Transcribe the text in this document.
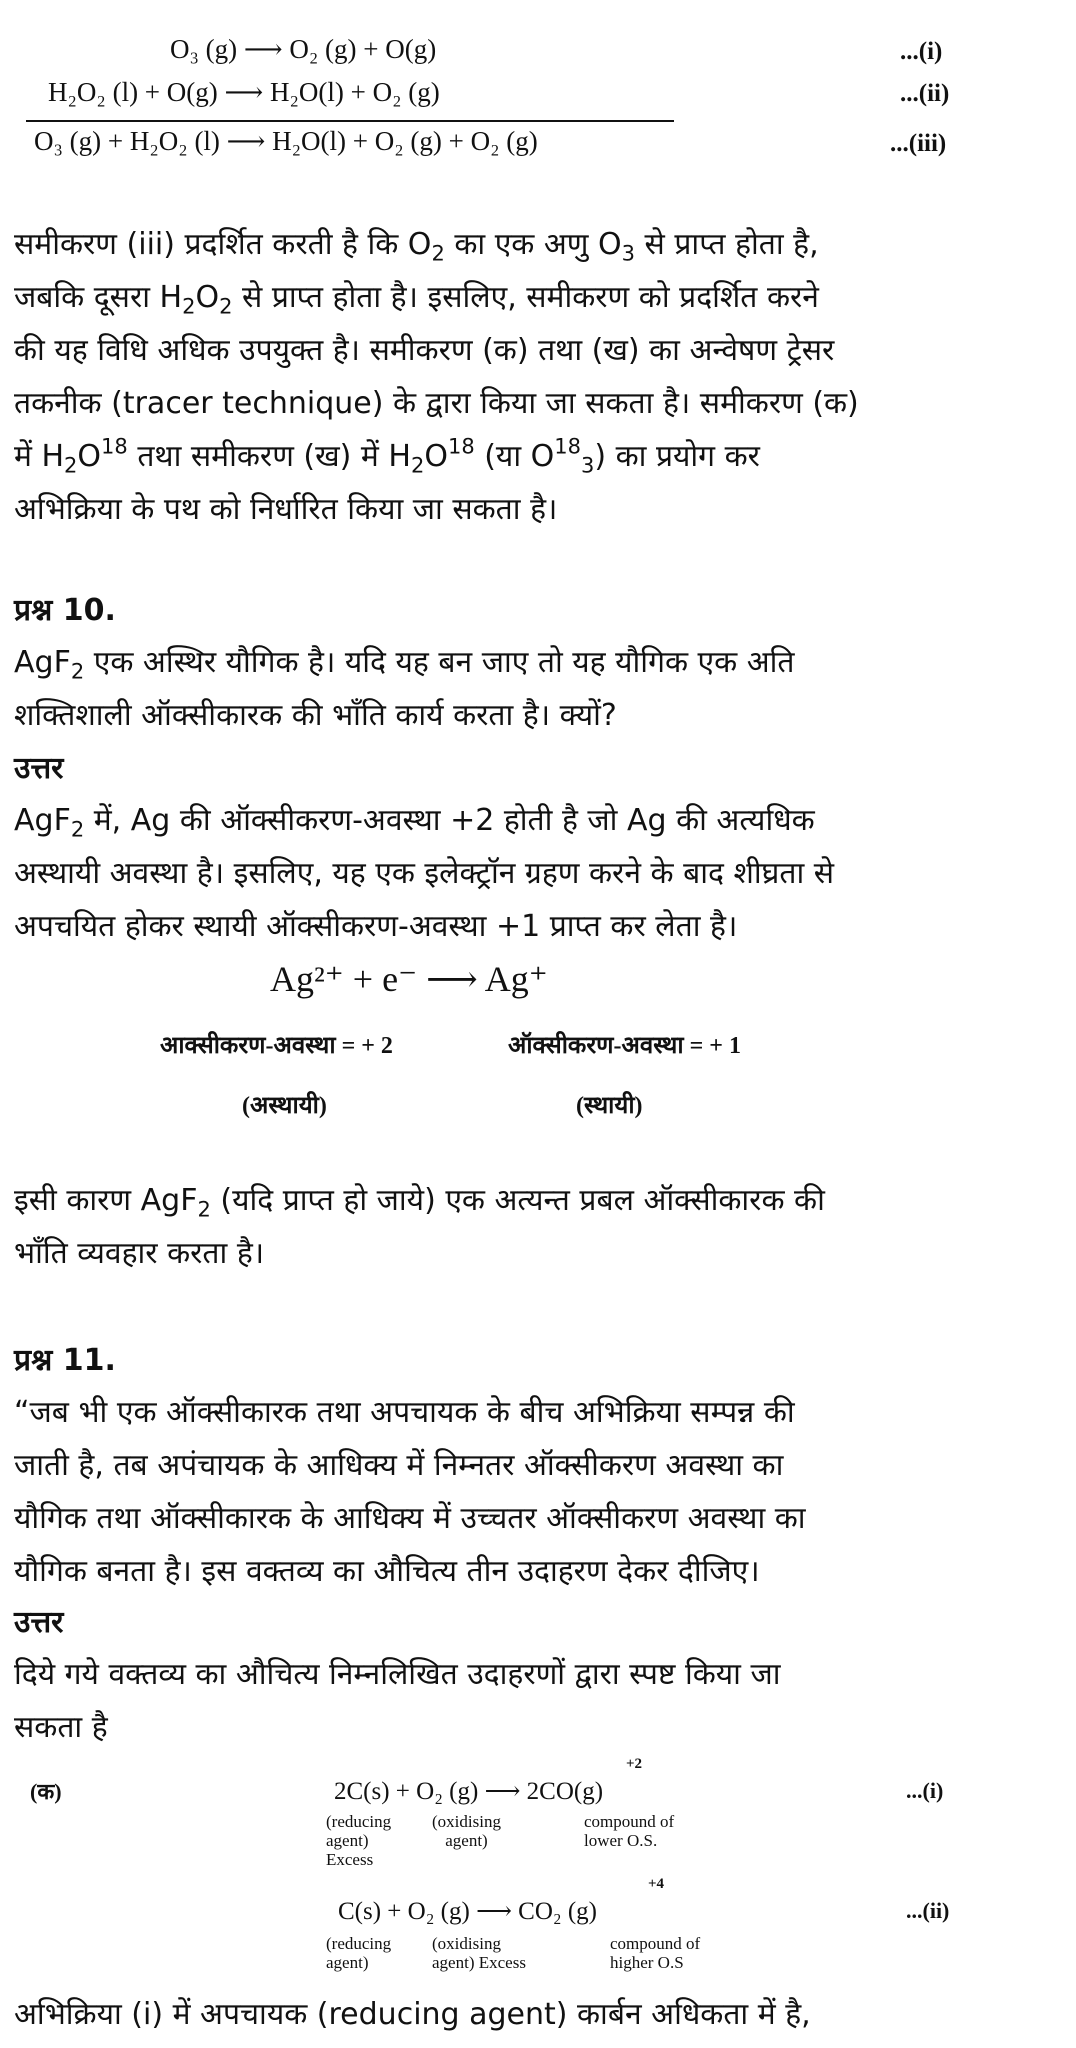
O₃ (g) ⟶ O₂ (g) + O(g)	...(i)
H₂O₂ (l) + O(g) ⟶ H₂O(l) + O₂ (g)	...(ii)
O₃ (g) + H₂O₂ (l) ⟶ H₂O(l) + O₂ (g) + O₂ (g)	...(iii)

समीकरण (iii) प्रदर्शित करती है कि $O_2$ का एक अणु $O_3$ से प्राप्त होता है,

जबकि दूसरा $H_2O_2$ से प्राप्त होता है। इसलिए, समीकरण को प्रदर्शित करने

की यह विधि अधिक उपयुक्त है। समीकरण (क) तथा (ख) का अन्वेषण ट्रेसर

तकनीक (tracer technique) के द्वारा किया जा सकता है। समीकरण (क)

में $H_2O^{18}$ तथा समीकरण (ख) में $H_2O^{18}$ (या $O^{18}_3$) का प्रयोग कर

अभिक्रिया के पथ को निर्धारित किया जा सकता है।

प्रश्न 10.

AgF$_2$ एक अस्थिर यौगिक है। यदि यह बन जाए तो यह यौगिक एक अति

शक्तिशाली ऑक्सीकारक की भाँति कार्य करता है। क्यों?

उत्तर

AgF$_2$ में, Ag की ऑक्सीकरण-अवस्था +2 होती है जो Ag की अत्यधिक

अस्थायी अवस्था है। इसलिए, यह एक इलेक्ट्रॉन ग्रहण करने के बाद शीघ्रता से

अपचयित होकर स्थायी ऑक्सीकरण-अवस्था +1 प्राप्त कर लेता है।

Ag²⁺ + e⁻ ⟶ Ag⁺
आक्सीकरण-अवस्था = + 2	ऑक्सीकरण-अवस्था = + 1
(अस्थायी)	(स्थायी)

इसी कारण AgF$_2$ (यदि प्राप्त हो जाये) एक अत्यन्त प्रबल ऑक्सीकारक की

भाँति व्यवहार करता है।

प्रश्न 11.

“जब भी एक ऑक्सीकारक तथा अपचायक के बीच अभिक्रिया सम्पन्न की

जाती है, तब अपंचायक के आधिक्य में निम्नतर ऑक्सीकरण अवस्था का

यौगिक तथा ऑक्सीकारक के आधिक्य में उच्चतर ऑक्सीकरण अवस्था का

यौगिक बनता है। इस वक्तव्य का औचित्य तीन उदाहरण देकर दीजिए।

उत्तर

दिये गये वक्तव्य का औचित्य निम्नलिखित उदाहरणों द्वारा स्पष्ट किया जा

सकता है

(क)
+2
2C(s) + O₂ (g) ⟶ 2CO(g)	...(i)
(reducing
agent)
Excess
(oxidising
agent)
compound of
lower O.S.
+4
C(s) + O₂ (g) ⟶ CO₂ (g)	...(ii)
(reducing
agent)
(oxidising
agent) Excess
compound of
higher O.S

अभिक्रिया (i) में अपचायक (reducing agent) कार्बन अधिकता में है,
